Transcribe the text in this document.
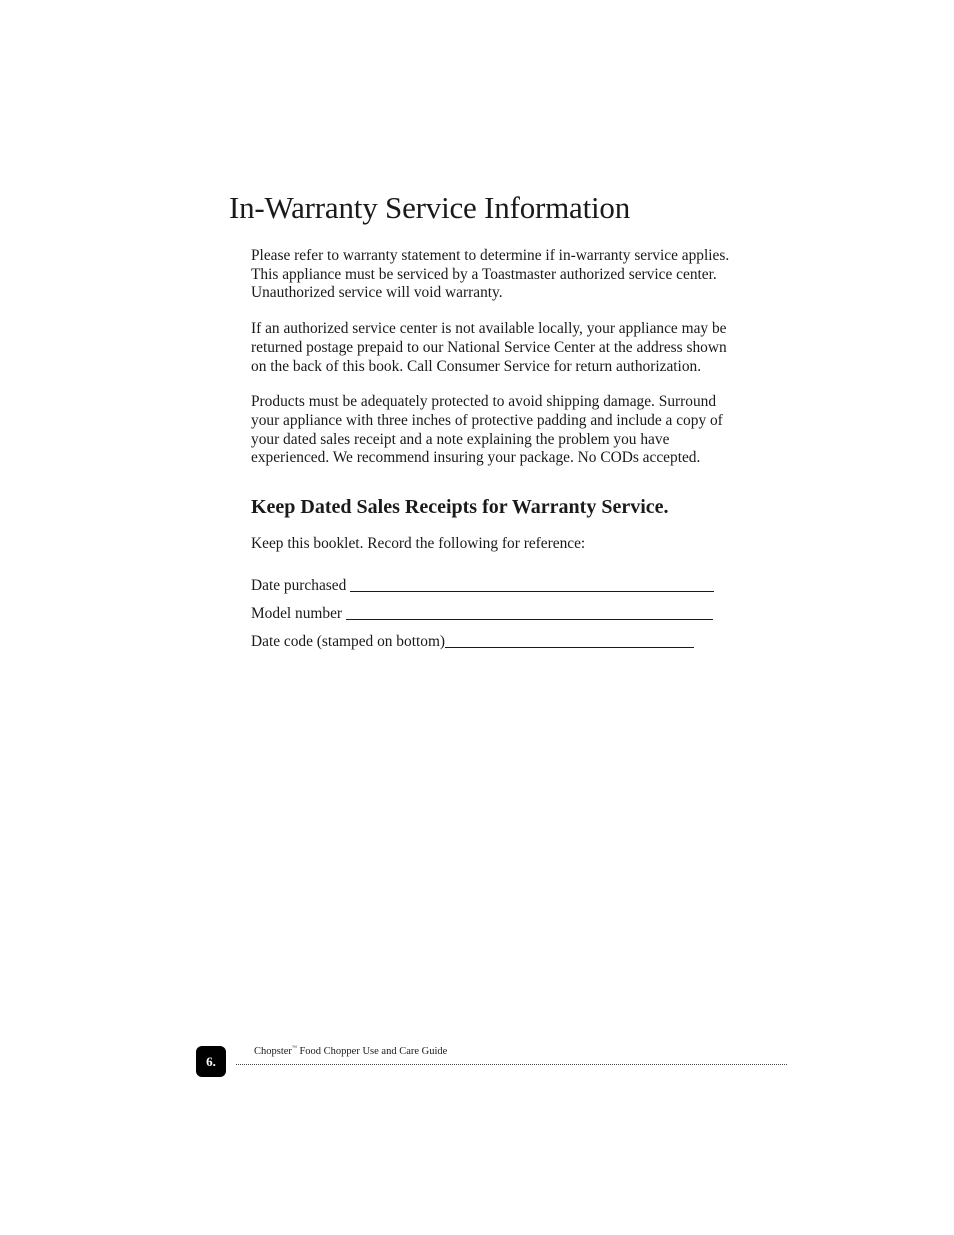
In-Warranty Service Information

Please refer to warranty statement to determine if in-warranty service applies. This appliance must be serviced by a Toastmaster authorized service center. Unauthorized service will void warranty.

If an authorized service center is not available locally, your appliance may be returned postage prepaid to our National Service Center at the address shown on the back of this book. Call Consumer Service for return authorization.

Products must be adequately protected to avoid shipping damage. Surround your appliance with three inches of protective padding and include a copy of your dated sales receipt and a note explaining the problem you have experienced. We recommend insuring your package. No CODs accepted.

Keep Dated Sales Receipts for Warranty Service.

Keep this booklet. Record the following for reference:

Date purchased
Model number
Date code (stamped on bottom)
6.
Chopster™ Food Chopper Use and Care Guide
